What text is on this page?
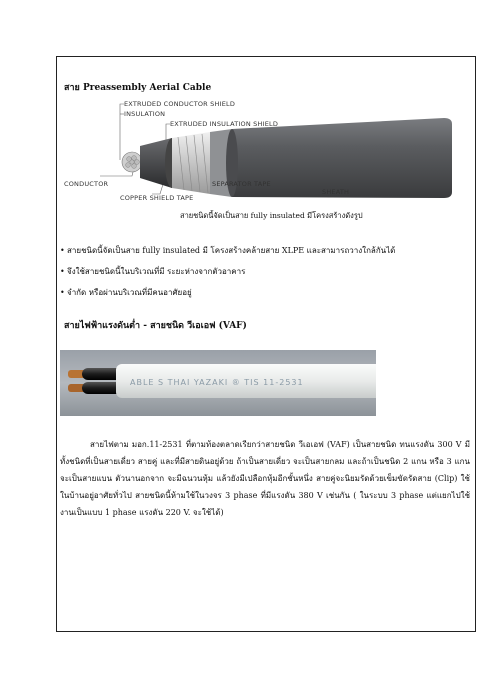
สาย Preassembly Aerial Cable
EXTRUDED CONDUCTOR SHIELD
INSULATION
EXTRUDED INSULATION SHIELD
CONDUCTOR	SEPARATOR TAPE
SHEATH
COPPER SHIELD TAPE
สายชนิดนี้จัดเป็นสาย fully insulated มีโครงสร้างดังรูป
• สายชนิดนี้จัดเป็นสาย fully insulated มี โครงสร้างคล้ายสาย XLPE และสามารถวางใกล้กันได้
• จึงใช้สายชนิดนี้ในบริเวณที่มี ระยะห่างจากตัวอาคาร
• จำกัด หรือผ่านบริเวณที่มีคนอาศัยอยู่
สายไฟฟ้าแรงดันต่ำ - สายชนิด วีเอเอฟ (VAF)
ABLE S THAI YAZAKI ® TIS 11-2531

สายไฟตาม มอก.11-2531 ที่ตามท้องตลาดเรียกว่าสายชนิด วีเอเอฟ (VAF) เป็นสายชนิด ทนแรงดัน 300 V มีทั้งชนิดที่เป็นสายเดี่ยว สายคู่ และที่มีสายดินอยู่ด้วย ถ้าเป็นสายเดี่ยว จะเป็นสายกลม และถ้าเป็นชนิด 2 แกน หรือ 3 แกน จะเป็นสายแบน ตัวนานอกจาก จะมีฉนวนหุ้ม แล้วยังมีเปลือกหุ้มอีกชั้นหนึ่ง สายคู่จะนิยมรัดด้วยเข็มขัดรัดสาย (Clip) ใช้ในบ้านอยู่อาศัยทั่วไป สายชนิดนี้ห้ามใช้ในวงจร 3 phase ที่มีแรงดัน 380 V เช่นกัน ( ในระบบ 3 phase แต่แยกไปใช้งานเป็นแบบ 1 phase แรงดัน 220 V. จะใช้ได้)
